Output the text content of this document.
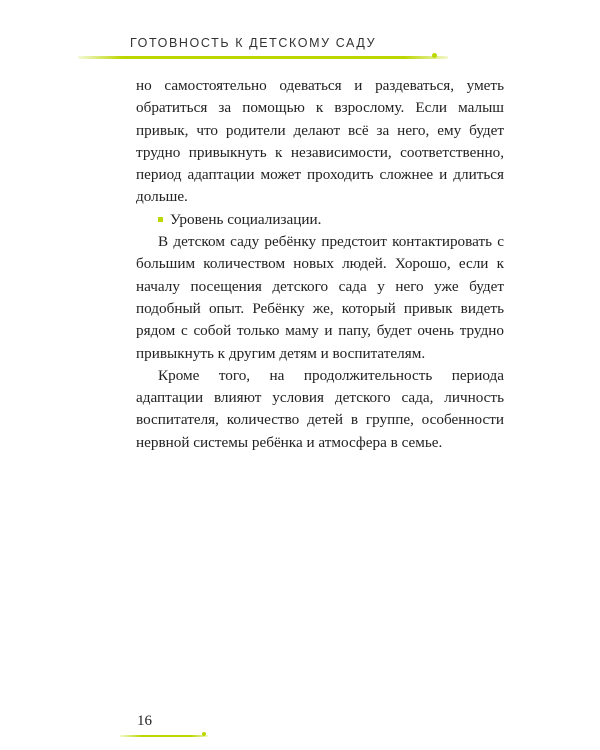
ГОТОВНОСТЬ К ДЕТСКОМУ САДУ

но самостоятельно одеваться и раздеваться, уметь обратиться за помощью к взрослому. Если малыш привык, что родители делают всё за него, ему будет трудно привыкнуть к независимости, соответственно, период адаптации может проходить сложнее и длиться дольше.

Уровень социализации.

В детском саду ребёнку предстоит контактировать с большим количеством новых людей. Хорошо, если к началу посещения детского сада у него уже будет подобный опыт. Ребёнку же, который привык видеть рядом с собой только маму и папу, будет очень трудно привыкнуть к другим детям и воспитателям.

Кроме того, на продолжительность периода адаптации влияют условия детского сада, личность воспитателя, количество детей в группе, особенности нервной системы ребёнка и атмосфера в семье.

16
